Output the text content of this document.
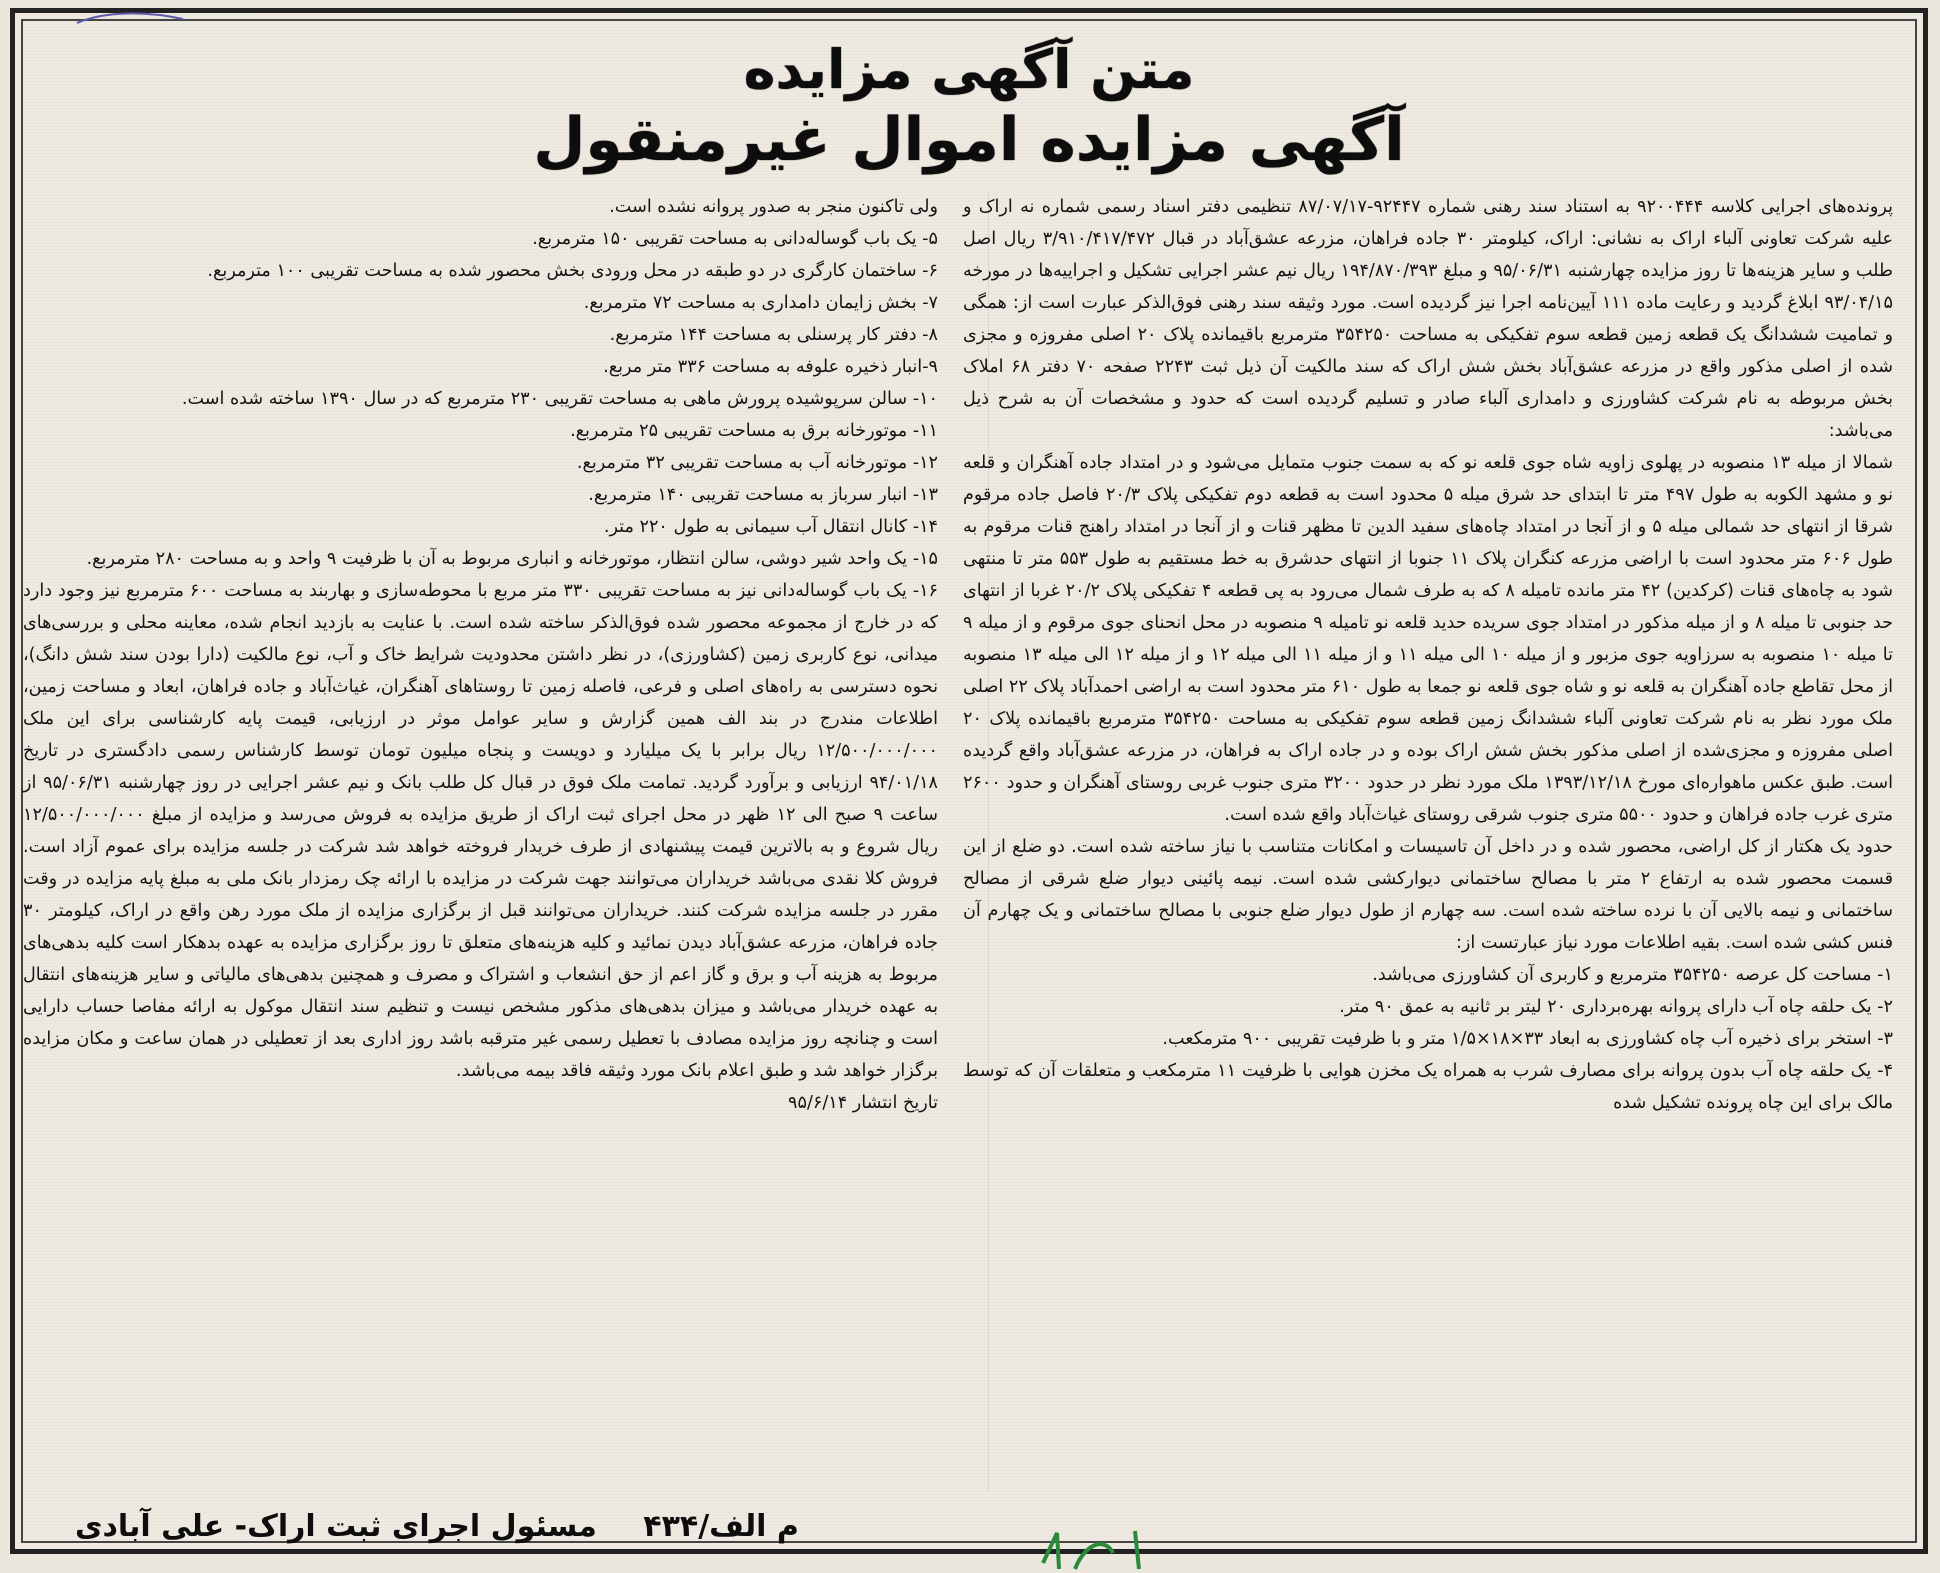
متن آگهی مزایده
آگهی مزایده اموال غیرمنقول

پرونده‌های اجرایی کلاسه ۹۲۰۰۴۴۴ به استناد سند رهنی شماره ۹۲۴۴۷-۸۷/۰۷/۱۷ تنظیمی دفتر اسناد رسمی شماره نه اراک و علیه شرکت تعاونی آلباء اراک به نشانی: اراک، کیلومتر ۳۰ جاده فراهان، مزرعه عشق‌آباد در قبال ۳/۹۱۰/۴۱۷/۴۷۲ ریال اصل طلب و سایر هزینه‌ها تا روز مزایده چهارشنبه ۹۵/۰۶/۳۱ و مبلغ ۱۹۴/۸۷۰/۳۹۳ ریال نیم عشر اجرایی تشکیل و اجراییه‌ها در مورخه ۹۳/۰۴/۱۵ ابلاغ گردید و رعایت ماده ۱۱۱ آیین‌نامه اجرا نیز گردیده است. مورد وثیقه سند رهنی فوق‌الذکر عبارت است از: همگی و تمامیت ششدانگ یک قطعه زمین قطعه سوم تفکیکی به مساحت ۳۵۴۲۵۰ مترمربع باقیمانده پلاک ۲۰ اصلی مفروزه و مجزی شده از اصلی مذکور واقع در مزرعه عشق‌آباد بخش شش اراک که سند مالکیت آن ذیل ثبت ۲۲۴۳ صفحه ۷۰ دفتر ۶۸ املاک بخش مربوطه به نام شرکت کشاورزی و دامداری آلباء صادر و تسلیم گردیده است که حدود و مشخصات آن به شرح ذیل می‌باشد:

شمالا از میله ۱۳ منصوبه در پهلوی زاویه شاه جوی قلعه نو که به سمت جنوب متمایل می‌شود و در امتداد جاده آهنگران و قلعه نو و مشهد الکوبه به طول ۴۹۷ متر تا ابتدای حد شرق میله ۵ محدود است به قطعه دوم تفکیکی پلاک ۲۰/۳ فاصل جاده مرقوم شرقا از انتهای حد شمالی میله ۵ و از آنجا در امتداد چاه‌های سفید الدین تا مظهر قنات و از آنجا در امتداد راهنج قنات مرقوم به طول ۶۰۶ متر محدود است با اراضی مزرعه کنگران پلاک ۱۱ جنوبا از انتهای حدشرق به خط مستقیم به طول ۵۵۳ متر تا منتهی شود به چاه‌های قنات (کرکدین) ۴۲ متر مانده تامیله ۸ که به طرف شمال می‌رود به پی قطعه ۴ تفکیکی پلاک ۲۰/۲ غربا از انتهای حد جنوبی تا میله ۸ و از میله مذکور در امتداد جوی سریده حدید قلعه نو تامیله ۹ منصوبه در محل انحنای جوی مرقوم و از میله ۹ تا میله ۱۰ منصوبه به سرزاویه جوی مزبور و از میله ۱۰ الی میله ۱۱ و از میله ۱۱ الی میله ۱۲ و از میله ۱۲ الی میله ۱۳ منصوبه از محل تقاطع جاده آهنگران به قلعه نو و شاه جوی قلعه نو جمعا به طول ۶۱۰ متر محدود است به اراضی احمدآباد پلاک ۲۲ اصلی ملک مورد نظر به نام شرکت تعاونی آلباء ششدانگ زمین قطعه سوم تفکیکی به مساحت ۳۵۴۲۵۰ مترمربع باقیمانده پلاک ۲۰ اصلی مفروزه و مجزی‌شده از اصلی مذکور بخش شش اراک بوده و در جاده اراک به فراهان، در مزرعه عشق‌آباد واقع گردیده است. طبق عکس ماهواره‌ای مورخ ۱۳۹۳/۱۲/۱۸ ملک مورد نظر در حدود ۳۲۰۰ متری جنوب غربی روستای آهنگران و حدود ۲۶۰۰ متری غرب جاده فراهان و حدود ۵۵۰۰ متری جنوب شرقی روستای غیاث‌آباد واقع شده است.

حدود یک هکتار از کل اراضی، محصور شده و در داخل آن تاسیسات و امکانات متناسب با نیاز ساخته شده است. دو ضلع از این قسمت محصور شده به ارتفاع ۲ متر با مصالح ساختمانی دیوارکشی شده است. نیمه پائینی دیوار ضلع شرقی از مصالح ساختمانی و نیمه بالایی آن با نرده ساخته شده است. سه چهارم از طول دیوار ضلع جنوبی با مصالح ساختمانی و یک چهارم آن فنس کشی شده است. بقیه اطلاعات مورد نیاز عبارتست از:

۱- مساحت کل عرصه ۳۵۴۲۵۰ مترمربع و کاربری آن کشاورزی می‌باشد.

۲- یک حلقه چاه آب دارای پروانه بهره‌برداری ۲۰ لیتر بر ثانیه به عمق ۹۰ متر.

۳- استخر برای ذخیره آب چاه کشاورزی به ابعاد ۳۳×۱۸×۱/۵ متر و با ظرفیت تقریبی ۹۰۰ مترمکعب.

۴- یک حلقه چاه آب بدون پروانه برای مصارف شرب به همراه یک مخزن هوایی با ظرفیت ۱۱ مترمکعب و متعلقات آن که توسط مالک برای این چاه پرونده تشکیل شده

ولی تاکنون منجر به صدور پروانه نشده است.

۵- یک باب گوساله‌دانی به مساحت تقریبی ۱۵۰ مترمربع.

۶- ساختمان کارگری در دو طبقه در محل ورودی بخش محصور شده به مساحت تقریبی ۱۰۰ مترمربع.

۷- بخش زایمان دامداری به مساحت ۷۲ مترمربع.

۸- دفتر کار پرسنلی به مساحت ۱۴۴ مترمربع.

۹-انبار ذخیره علوفه به مساحت ۳۳۶ متر مربع.

۱۰- سالن سرپوشیده پرورش ماهی به مساحت تقریبی ۲۳۰ مترمربع که در سال ۱۳۹۰ ساخته شده است.

۱۱- موتورخانه برق به مساحت تقریبی ۲۵ مترمربع.

۱۲- موتورخانه آب به مساحت تقریبی ۳۲ مترمربع.

۱۳- انبار سرباز به مساحت تقریبی ۱۴۰ مترمربع.

۱۴- کانال انتقال آب سیمانی به طول ۲۲۰ متر.

۱۵- یک واحد شیر دوشی، سالن انتظار، موتورخانه و انباری مربوط به آن با ظرفیت ۹ واحد و به مساحت ۲۸۰ مترمربع.

۱۶- یک باب گوساله‌دانی نیز به مساحت تقریبی ۳۳۰ متر مربع با محوطه‌سازی و بهاربند به مساحت ۶۰۰ مترمربع نیز وجود دارد که در خارج از مجموعه محصور شده فوق‌الذکر ساخته شده است. با عنایت به بازدید انجام شده، معاینه محلی و بررسی‌های میدانی، نوع کاربری زمین (کشاورزی)، در نظر داشتن محدودیت شرایط خاک و آب، نوع مالکیت (دارا بودن سند شش دانگ)، نحوه دسترسی به راه‌های اصلی و فرعی، فاصله زمین تا روستاهای آهنگران، غیاث‌آباد و جاده فراهان، ابعاد و مساحت زمین، اطلاعات مندرج در بند الف همین گزارش و سایر عوامل موثر در ارزیابی، قیمت پایه کارشناسی برای این ملک ۱۲/۵۰۰/۰۰۰/۰۰۰ ریال برابر با یک میلیارد و دویست و پنجاه میلیون تومان توسط کارشناس رسمی دادگستری در تاریخ ۹۴/۰۱/۱۸ ارزیابی و برآورد گردید. تمامت ملک فوق در قبال کل طلب بانک و نیم عشر اجرایی در روز چهارشنبه ۹۵/۰۶/۳۱ از ساعت ۹ صبح الی ۱۲ ظهر در محل اجرای ثبت اراک از طریق مزایده به فروش می‌رسد و مزایده از مبلغ ۱۲/۵۰۰/۰۰۰/۰۰۰ ریال شروع و به بالاترین قیمت پیشنهادی از طرف خریدار فروخته خواهد شد شرکت در جلسه مزایده برای عموم آزاد است. فروش کلا نقدی می‌باشد خریداران می‌توانند جهت شرکت در مزایده با ارائه چک رمزدار بانک ملی به مبلغ پایه مزایده در وقت مقرر در جلسه مزایده شرکت کنند. خریداران می‌توانند قبل از برگزاری مزایده از ملک مورد رهن واقع در اراک، کیلومتر ۳۰ جاده فراهان، مزرعه عشق‌آباد دیدن نمائید و کلیه هزینه‌های متعلق تا روز برگزاری مزایده به عهده بدهکار است کلیه بدهی‌های مربوط به هزینه آب و برق و گاز اعم از حق انشعاب و اشتراک و مصرف و همچنین بدهی‌های مالیاتی و سایر هزینه‌های انتقال به عهده خریدار می‌باشد و میزان بدهی‌های مذکور مشخص نیست و تنظیم سند انتقال موکول به ارائه مفاصا حساب دارایی است و چنانچه روز مزایده مصادف با تعطیل رسمی غیر مترقبه باشد روز اداری بعد از تعطیلی در همان ساعت و مکان مزایده برگزار خواهد شد و طبق اعلام بانک مورد وثیقه فاقد بیمه می‌باشد.

تاریخ انتشار ۹۵/۶/۱۴

م الف/۴۳۴ مسئول اجرای ثبت اراک- علی آبادی
